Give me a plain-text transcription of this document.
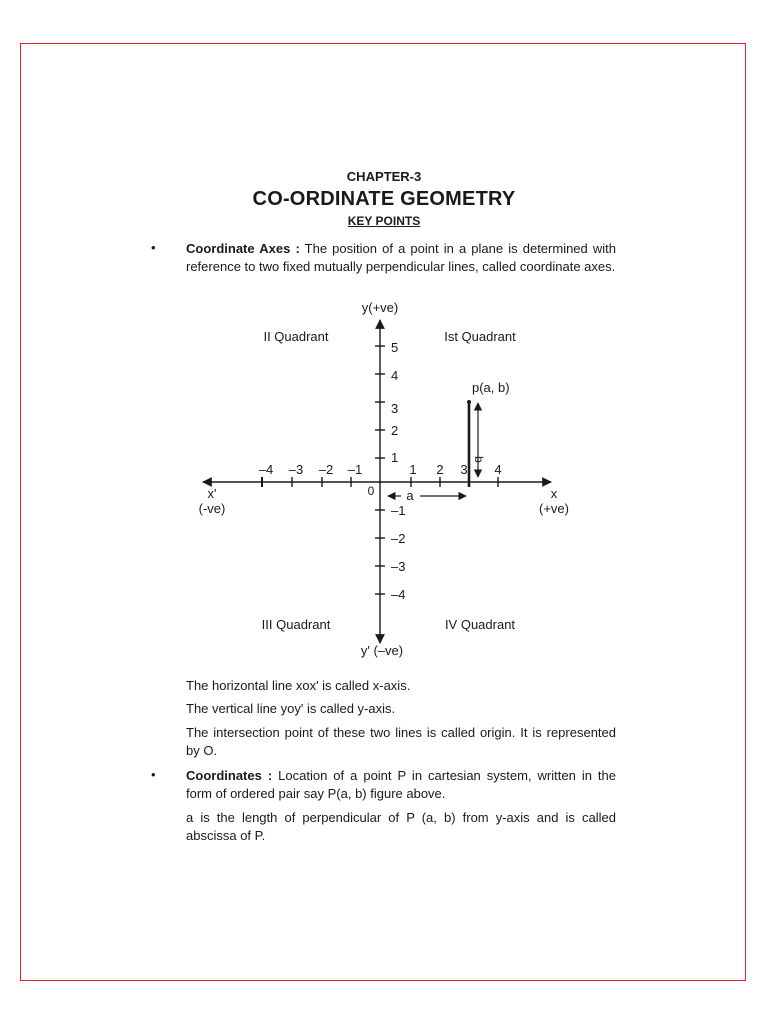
CHAPTER-3
CO-ORDINATE GEOMETRY
KEY POINTS
• Coordinate Axes : The position of a point in a plane is determined with reference to two fixed mutually perpendicular lines, called coordinate axes.
y(+ve)
y' (–ve)
x'
(-ve)
x
(+ve)
0
Ist Quadrant
II Quadrant
III Quadrant	IV Quadrant
1 2 3 4
–4 –3 –2 –1
1
2
3
4
5
–1
–2
–3
–4
p(a, b)
b
a
The horizontal line xox' is called x-axis.
The vertical line yoy' is called y-axis.
The intersection point of these two lines is called origin. It is represented by O.
• Coordinates : Location of a point P in cartesian system, written in the form of ordered pair say P(a, b) figure above.
a is the length of perpendicular of P (a, b) from y-axis and is called abscissa of P.
